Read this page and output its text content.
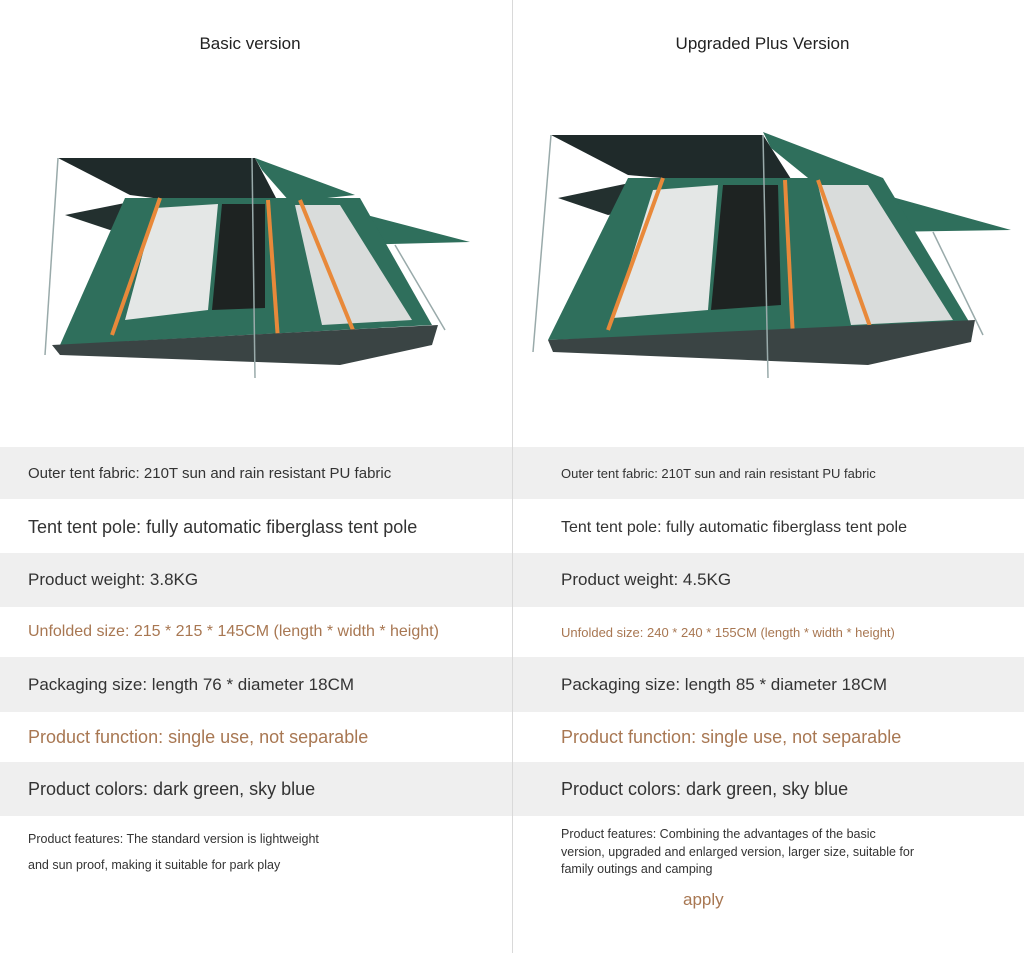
Basic version
Outer tent fabric: 210T sun and rain resistant PU fabric
Tent tent pole: fully automatic fiberglass tent pole
Product weight: 3.8KG
Unfolded size: 215 * 215 * 145CM (length * width * height)
Packaging size: length 76 * diameter 18CM
Product function: single use, not separable
Product colors: dark green, sky blue
Product features: The standard version is lightweight
and sun proof, making it suitable for park play
Upgraded Plus Version
Outer tent fabric: 210T sun and rain resistant PU fabric
Tent tent pole: fully automatic fiberglass tent pole
Product weight: 4.5KG
Unfolded size: 240 * 240 * 155CM (length * width * height)
Packaging size: length 85 * diameter 18CM
Product function: single use, not separable
Product colors: dark green, sky blue
Product features: Combining the advantages of the basic
version, upgraded and enlarged version, larger size, suitable for
family outings and camping
apply
